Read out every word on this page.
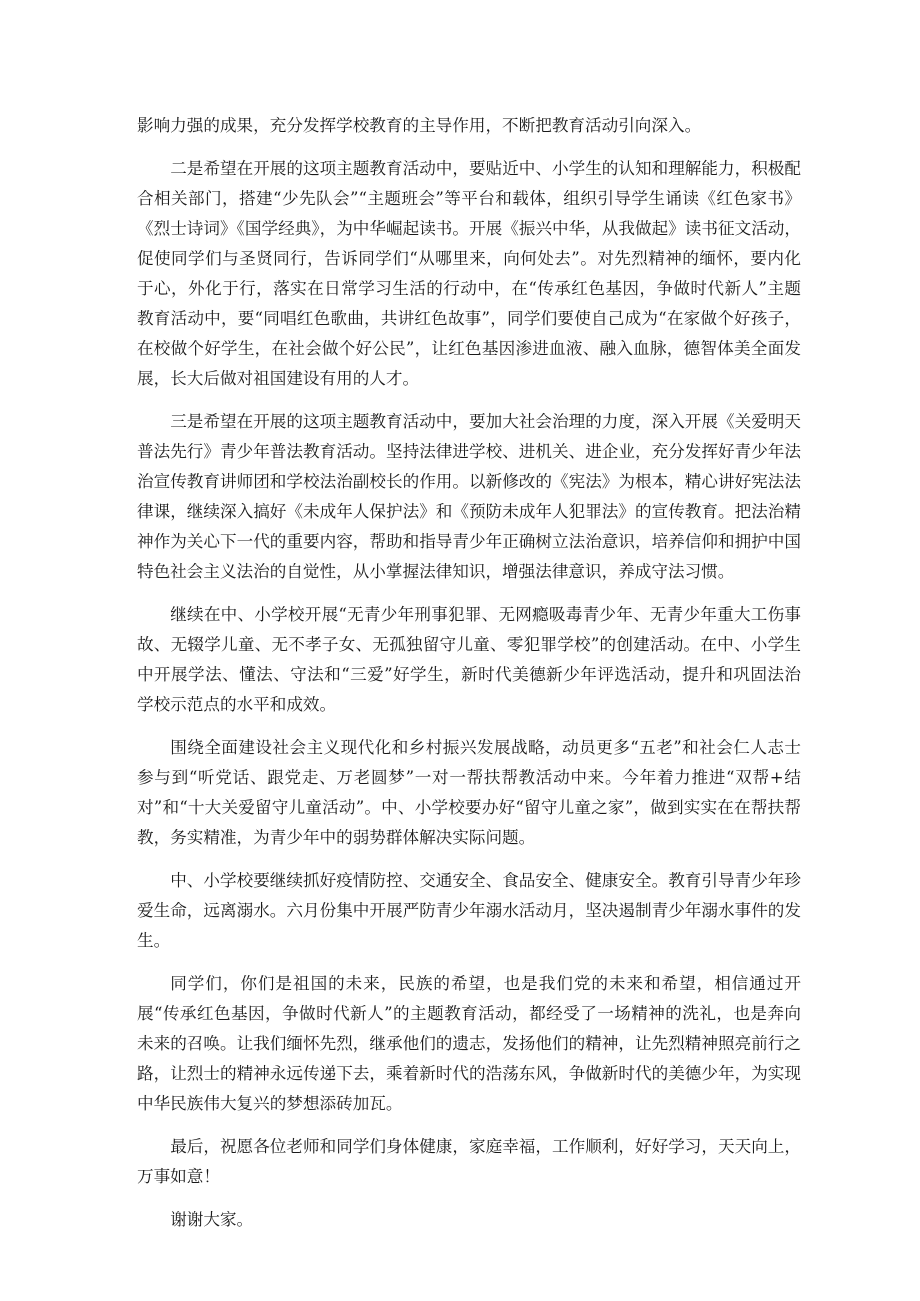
影响力强的成果，充分发挥学校教育的主导作用，不断把教育活动引向深入。

二是希望在开展的这项主题教育活动中，要贴近中、小学生的认知和理解能力，积极配合相关部门，搭建“少先队会”“主题班会”等平台和载体，组织引导学生诵读《红色家书》《烈士诗词》《国学经典》，为中华崛起读书。开展《振兴中华，从我做起》读书征文活动，促使同学们与圣贤同行，告诉同学们“从哪里来，向何处去”。对先烈精神的缅怀，要内化于心，外化于行，落实在日常学习生活的行动中，在“传承红色基因，争做时代新人”主题教育活动中，要“同唱红色歌曲，共讲红色故事”，同学们要使自己成为“在家做个好孩子，在校做个好学生，在社会做个好公民”，让红色基因渗进血液、融入血脉，德智体美全面发展，长大后做对祖国建设有用的人才。

三是希望在开展的这项主题教育活动中，要加大社会治理的力度，深入开展《关爱明天普法先行》青少年普法教育活动。坚持法律进学校、进机关、进企业，充分发挥好青少年法治宣传教育讲师团和学校法治副校长的作用。以新修改的《宪法》为根本，精心讲好宪法法律课，继续深入搞好《未成年人保护法》和《预防未成年人犯罪法》的宣传教育。把法治精神作为关心下一代的重要内容，帮助和指导青少年正确树立法治意识，培养信仰和拥护中国特色社会主义法治的自觉性，从小掌握法律知识，增强法律意识，养成守法习惯。

继续在中、小学校开展“无青少年刑事犯罪、无网瘾吸毒青少年、无青少年重大工伤事故、无辍学儿童、无不孝子女、无孤独留守儿童、零犯罪学校”的创建活动。在中、小学生中开展学法、懂法、守法和“三爱”好学生，新时代美德新少年评选活动，提升和巩固法治学校示范点的水平和成效。

围绕全面建设社会主义现代化和乡村振兴发展战略，动员更多“五老”和社会仁人志士参与到“听党话、跟党走、万老圆梦”一对一帮扶帮教活动中来。今年着力推进“双帮+结对”和“十大关爱留守儿童活动”。中、小学校要办好“留守儿童之家”，做到实实在在帮扶帮教，务实精准，为青少年中的弱势群体解决实际问题。

中、小学校要继续抓好疫情防控、交通安全、食品安全、健康安全。教育引导青少年珍爱生命，远离溺水。六月份集中开展严防青少年溺水活动月，坚决遏制青少年溺水事件的发生。

同学们，你们是祖国的未来，民族的希望，也是我们党的未来和希望，相信通过开展“传承红色基因，争做时代新人”的主题教育活动，都经受了一场精神的洗礼，也是奔向未来的召唤。让我们缅怀先烈，继承他们的遗志，发扬他们的精神，让先烈精神照亮前行之路，让烈士的精神永远传递下去，乘着新时代的浩荡东风，争做新时代的美德少年，为实现中华民族伟大复兴的梦想添砖加瓦。

最后，祝愿各位老师和同学们身体健康，家庭幸福，工作顺利，好好学习，天天向上，万事如意！

谢谢大家。
